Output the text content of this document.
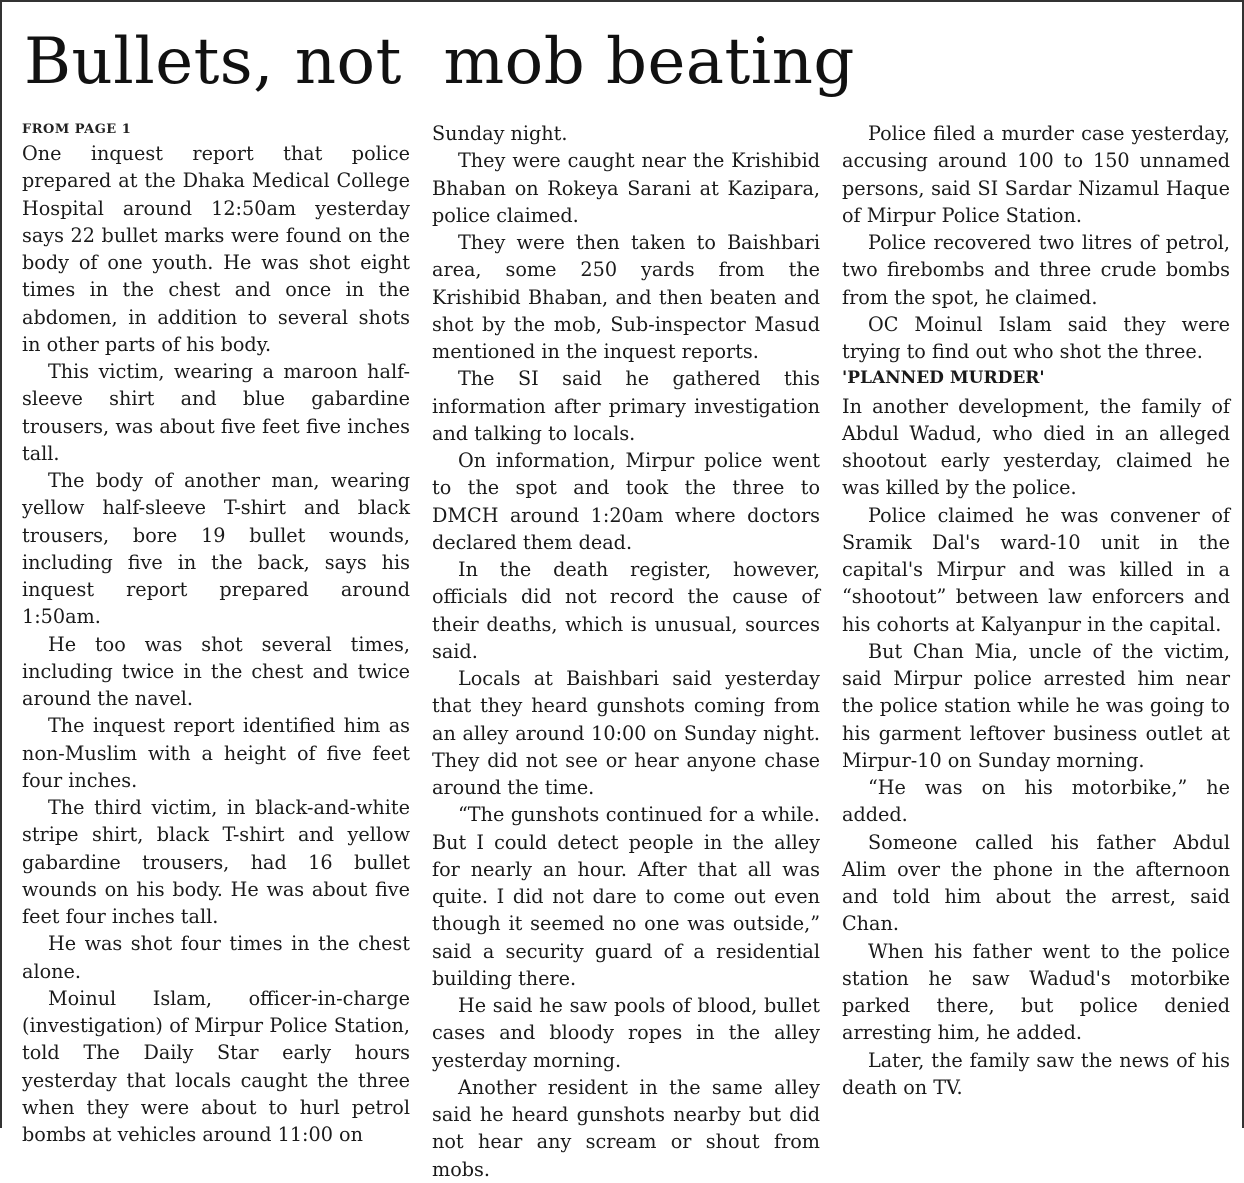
Bullets, not  mob beating

FROM PAGE 1

One inquest report that police prepared at the Dhaka Medical College Hospital around 12:50am yesterday says 22 bullet marks were found on the body of one youth. He was shot eight times in the chest and once in the abdomen, in addition to several shots in other parts of his body.

This victim, wearing a maroon half-sleeve shirt and blue gabardine trousers, was about five feet five inches tall.

The body of another man, wearing yellow half-sleeve T-shirt and black trousers, bore 19 bullet wounds, including five in the back, says his inquest report prepared around 1:50am.

He too was shot several times, including twice in the chest and twice around the navel.

The inquest report identified him as non-Muslim with a height of five feet four inches.

The third victim, in black-and-white stripe shirt, black T-shirt and yellow gabardine trousers, had 16 bullet wounds on his body. He was about five feet four inches tall.

He was shot four times in the chest alone.

Moinul Islam, officer-in-charge (investigation) of Mirpur Police Station, told The Daily Star early hours yesterday that locals caught the three when they were about to hurl petrol bombs at vehicles around 11:00 on

Sunday night.

They were caught near the Krishibid Bhaban on Rokeya Sarani at Kazipara, police claimed.

They were then taken to Baishbari area, some 250 yards from the Krishibid Bhaban, and then beaten and shot by the mob, Sub-inspector Masud mentioned in the inquest reports.

The SI said he gathered this information after primary investigation and talking to locals.

On information, Mirpur police went to the spot and took the three to DMCH around 1:20am where doctors declared them dead.

In the death register, however, officials did not record the cause of their deaths, which is unusual, sources said.

Locals at Baishbari said yesterday that they heard gunshots coming from an alley around 10:00 on Sunday night. They did not see or hear anyone chase around the time.

“The gunshots continued for a while. But I could detect people in the alley for nearly an hour. After that all was quite. I did not dare to come out even though it seemed no one was outside,” said a security guard of a residential building there.

He said he saw pools of blood, bullet cases and bloody ropes in the alley yesterday morning.

Another resident in the same alley said he heard gunshots nearby but did not hear any scream or shout from mobs.

Police filed a murder case yesterday, accusing around 100 to 150 unnamed persons, said SI Sardar Nizamul Haque of Mirpur Police Station.

Police recovered two litres of petrol, two firebombs and three crude bombs from the spot, he claimed.

OC Moinul Islam said they were trying to find out who shot the three.

'PLANNED MURDER'

In another development, the family of Abdul Wadud, who died in an alleged shootout early yesterday, claimed he was killed by the police.

Police claimed he was convener of Sramik Dal's ward-10 unit in the capital's Mirpur and was killed in a “shootout” between law enforcers and his cohorts at Kalyanpur in the capital.

But Chan Mia, uncle of the victim, said Mirpur police arrested him near the police station while he was going to his garment leftover business outlet at Mirpur-10 on Sunday morning.

“He was on his motorbike,” he added.

Someone called his father Abdul Alim over the phone in the afternoon and told him about the arrest, said Chan.

When his father went to the police station he saw Wadud's motorbike parked there, but police denied arresting him, he added.

Later, the family saw the news of his death on TV.
